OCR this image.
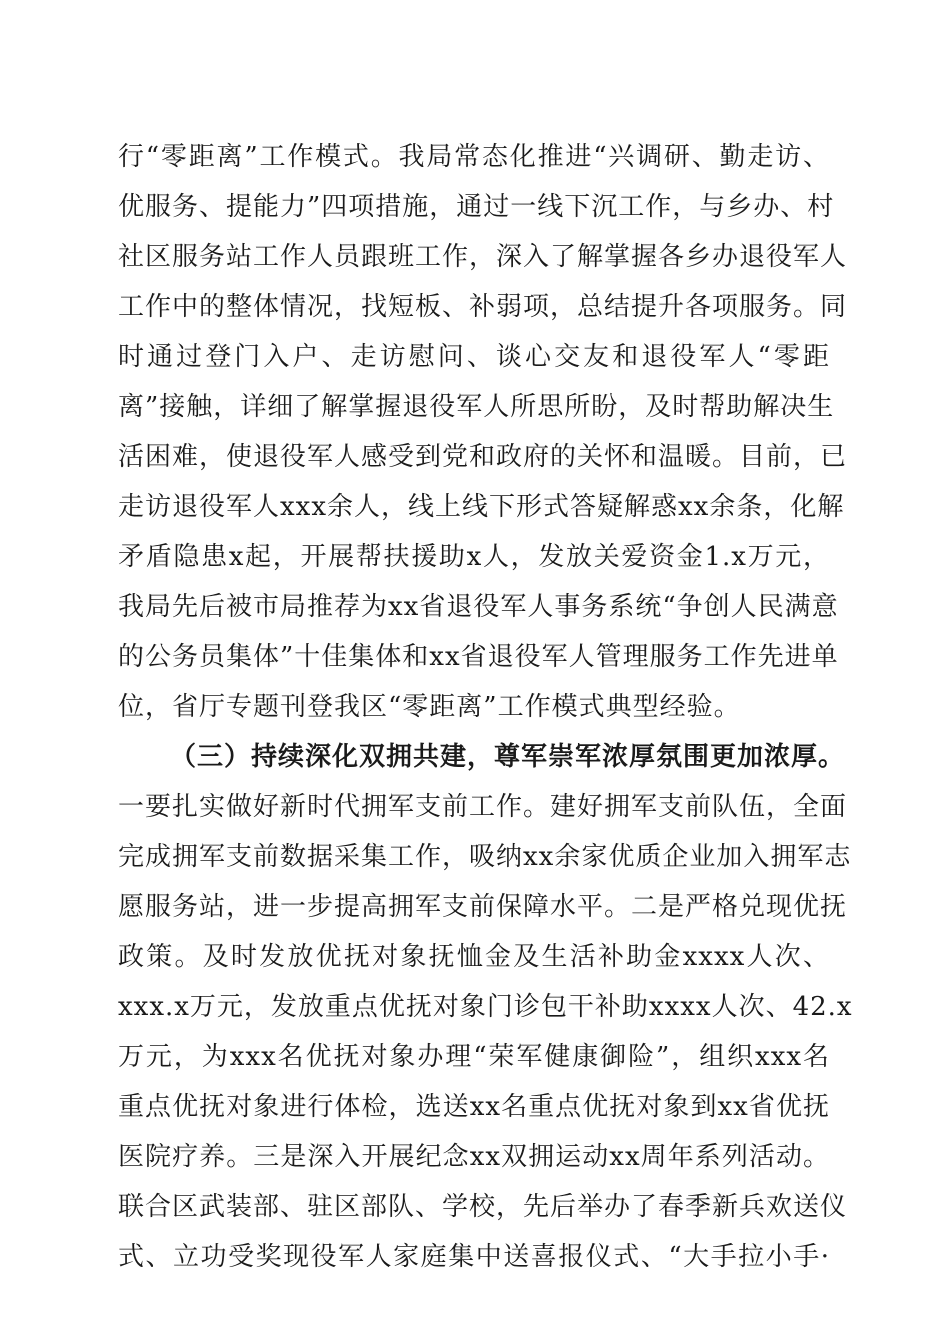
行“零距离”工作模式。我局常态化推进“兴调研、勤走访、
优服务、提能力”四项措施，通过一线下沉工作，与乡办、村
社区服务站工作人员跟班工作，深入了解掌握各乡办退役军人
工作中的整体情况，找短板、补弱项，总结提升各项服务。同
时通过登门入户、走访慰问、谈心交友和退役军人“零距
离”接触，详细了解掌握退役军人所思所盼，及时帮助解决生
活困难，使退役军人感受到党和政府的关怀和温暖。目前，已
走访退役军人xxx余人，线上线下形式答疑解惑xx余条，化解
矛盾隐患x起，开展帮扶援助x人，发放关爱资金1.x万元，
我局先后被市局推荐为xx省退役军人事务系统“争创人民满意
的公务员集体”十佳集体和xx省退役军人管理服务工作先进单
位，省厅专题刊登我区“零距离”工作模式典型经验。
（三）持续深化双拥共建，尊军崇军浓厚氛围更加浓厚。
一要扎实做好新时代拥军支前工作。建好拥军支前队伍，全面
完成拥军支前数据采集工作，吸纳xx余家优质企业加入拥军志
愿服务站，进一步提高拥军支前保障水平。二是严格兑现优抚
政策。及时发放优抚对象抚恤金及生活补助金xxxx人次、
xxx.x万元，发放重点优抚对象门诊包干补助xxxx人次、42.x
万元，为xxx名优抚对象办理“荣军健康御险”，组织xxx名
重点优抚对象进行体检，选送xx名重点优抚对象到xx省优抚
医院疗养。三是深入开展纪念xx双拥运动xx周年系列活动。
联合区武装部、驻区部队、学校，先后举办了春季新兵欢送仪
式、立功受奖现役军人家庭集中送喜报仪式、“大手拉小手·
